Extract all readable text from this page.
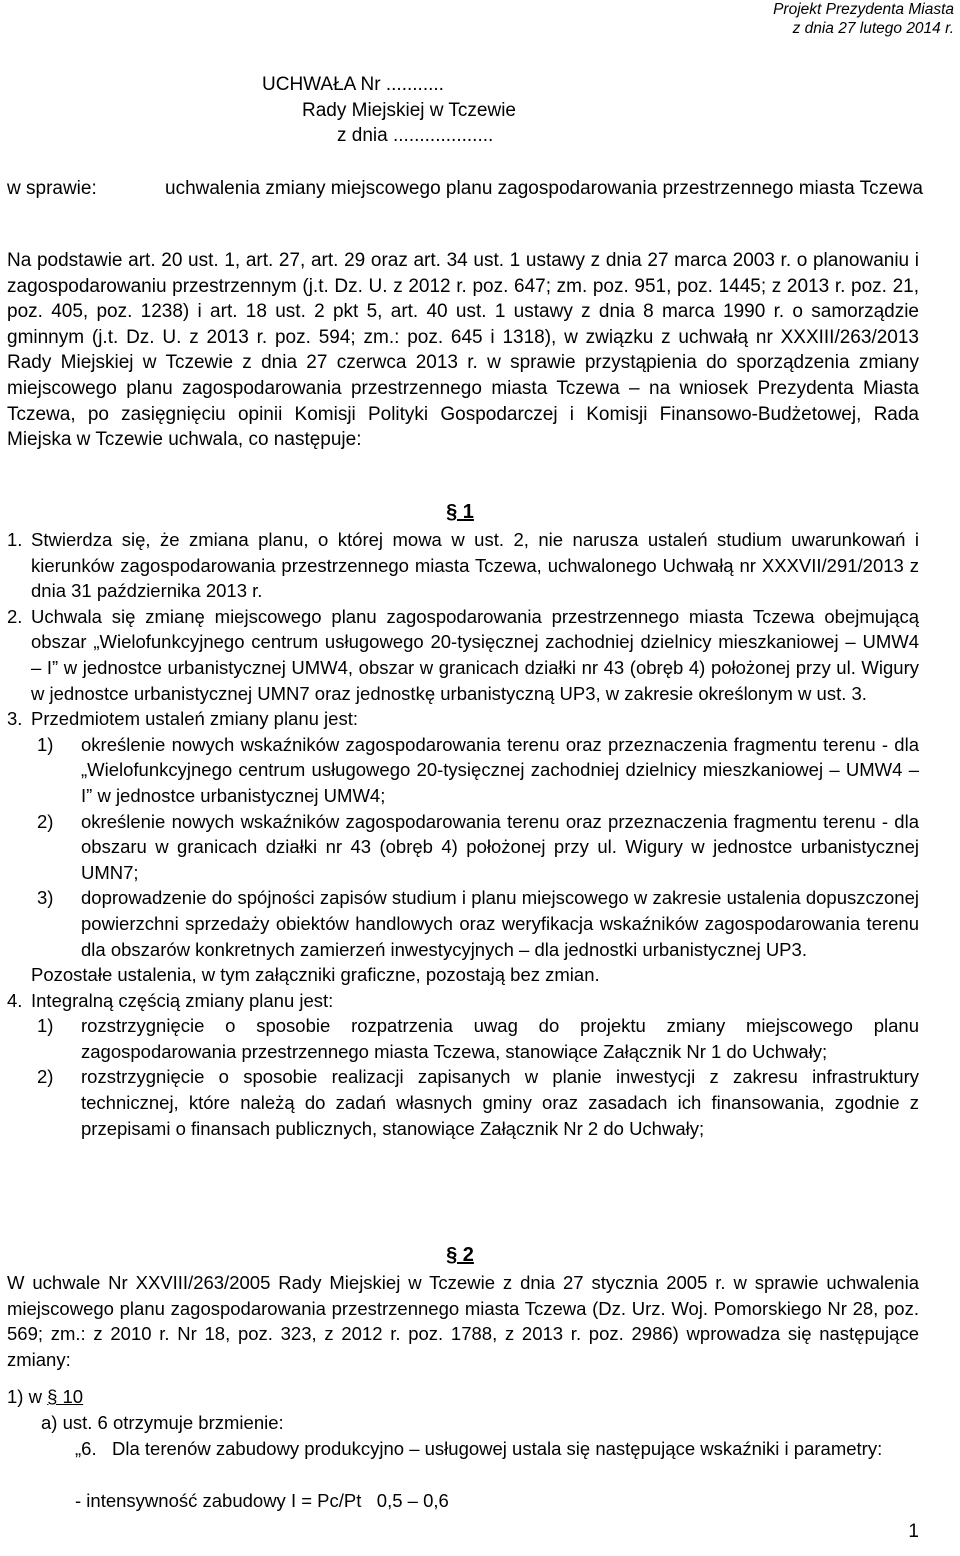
Projekt Prezydenta Miasta
z dnia 27 lutego 2014 r.
UCHWAŁA Nr ...........
Rady Miejskiej w Tczewie
z dnia ...................
w sprawie:	uchwalenia zmiany miejscowego planu zagospodarowania przestrzennego miasta Tczewa
Na podstawie art. 20 ust. 1, art. 27, art. 29 oraz art. 34 ust. 1 ustawy z dnia 27 marca 2003 r. o planowaniu i zagospodarowaniu przestrzennym (j.t. Dz. U. z 2012 r. poz. 647; zm. poz. 951, poz. 1445; z 2013 r. poz. 21, poz. 405, poz. 1238) i art. 18 ust. 2 pkt 5, art. 40 ust. 1 ustawy z dnia 8 marca 1990 r. o samorządzie gminnym (j.t. Dz. U. z 2013 r. poz. 594; zm.: poz. 645 i 1318), w związku z uchwałą nr XXXIII/263/2013 Rady Miejskiej w Tczewie z dnia 27 czerwca 2013 r. w sprawie przystąpienia do sporządzenia zmiany miejscowego planu zagospodarowania przestrzennego miasta Tczewa – na wniosek Prezydenta Miasta Tczewa, po zasięgnięciu opinii Komisji Polityki Gospodarczej i Komisji Finansowo-Budżetowej, Rada Miejska w Tczewie uchwala, co następuje:
§ 1
1. Stwierdza się, że zmiana planu, o której mowa w ust. 2, nie narusza ustaleń studium uwarunkowań i kierunków zagospodarowania przestrzennego miasta Tczewa, uchwalonego Uchwałą nr XXXVII/291/2013 z dnia 31 października 2013 r.
2. Uchwala się zmianę miejscowego planu zagospodarowania przestrzennego miasta Tczewa obejmującą obszar „Wielofunkcyjnego centrum usługowego 20-tysięcznej zachodniej dzielnicy mieszkaniowej – UMW4 – I” w jednostce urbanistycznej UMW4, obszar w granicach działki nr 43 (obręb 4) położonej przy ul. Wigury w jednostce urbanistycznej UMN7 oraz jednostkę urbanistyczną UP3, w zakresie określonym w ust. 3.
3. Przedmiotem ustaleń zmiany planu jest:
1)	określenie nowych wskaźników zagospodarowania terenu oraz przeznaczenia fragmentu terenu - dla „Wielofunkcyjnego centrum usługowego 20-tysięcznej zachodniej dzielnicy mieszkaniowej – UMW4 – I” w jednostce urbanistycznej UMW4;
2)	określenie nowych wskaźników zagospodarowania terenu oraz przeznaczenia fragmentu terenu - dla obszaru w granicach działki nr 43 (obręb 4) położonej przy ul. Wigury w jednostce urbanistycznej UMN7;
3)	doprowadzenie do spójności zapisów studium i planu miejscowego w zakresie ustalenia dopuszczonej powierzchni sprzedaży obiektów handlowych oraz weryfikacja wskaźników zagospodarowania terenu dla obszarów konkretnych zamierzeń inwestycyjnych – dla jednostki urbanistycznej UP3.
Pozostałe ustalenia, w tym załączniki graficzne, pozostają bez zmian.
4. Integralną częścią zmiany planu jest:
1)	rozstrzygnięcie o sposobie rozpatrzenia uwag do projektu zmiany miejscowego planu zagospodarowania przestrzennego miasta Tczewa, stanowiące Załącznik Nr 1 do Uchwały;
2)	rozstrzygnięcie o sposobie realizacji zapisanych w planie inwestycji z zakresu infrastruktury technicznej, które należą do zadań własnych gminy oraz zasadach ich finansowania, zgodnie z przepisami o finansach publicznych, stanowiące Załącznik Nr 2 do Uchwały;
§ 2
W uchwale Nr XXVIII/263/2005 Rady Miejskiej w Tczewie z dnia 27 stycznia 2005 r. w sprawie uchwalenia miejscowego planu zagospodarowania przestrzennego miasta Tczewa (Dz. Urz. Woj. Pomorskiego Nr 28, poz. 569; zm.: z 2010 r. Nr 18, poz. 323, z 2012 r. poz. 1788, z 2013 r. poz. 2986) wprowadza się następujące zmiany:
1) w § 10
a) ust. 6 otrzymuje brzmienie:
„6.   Dla terenów zabudowy produkcyjno – usługowej ustala się następujące wskaźniki i parametry:
- intensywność zabudowy I = Pc/Pt   0,5 – 0,6
1
